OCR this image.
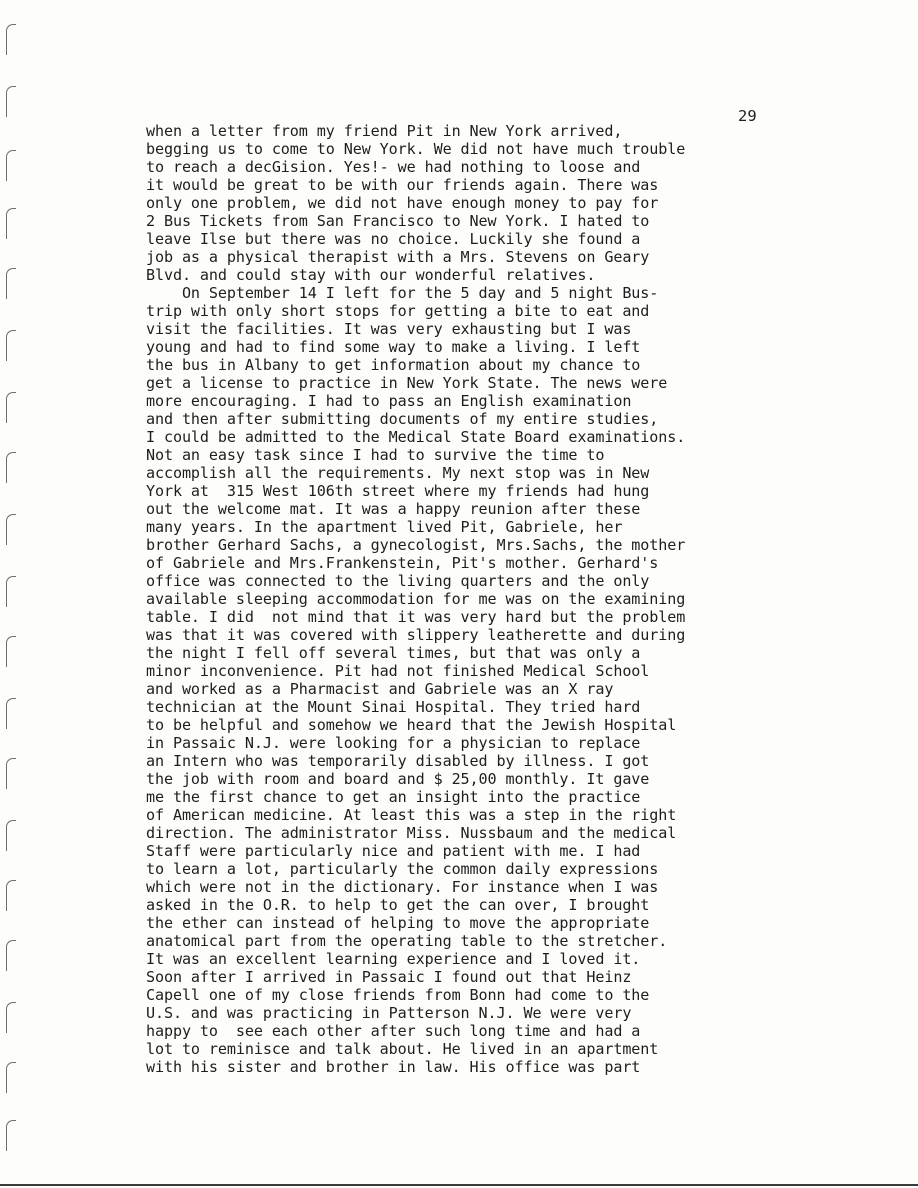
29
when a letter from my friend Pit in New York arrived,
begging us to come to New York. We did not have much trouble
to reach a decGision. Yes!- we had nothing to loose and
it would be great to be with our friends again. There was
only one problem, we did not have enough money to pay for
2 Bus Tickets from San Francisco to New York. I hated to
leave Ilse but there was no choice. Luckily she found a
job as a physical therapist with a Mrs. Stevens on Geary
Blvd. and could stay with our wonderful relatives.
On September 14 I left for the 5 day and 5 night Bus-
trip with only short stops for getting a bite to eat and
visit the facilities. It was very exhausting but I was
young and had to find some way to make a living. I left
the bus in Albany to get information about my chance to
get a license to practice in New York State. The news were
more encouraging. I had to pass an English examination
and then after submitting documents of my entire studies,
I could be admitted to the Medical State Board examinations.
Not an easy task since I had to survive the time to
accomplish all the requirements. My next stop was in New
York at  315 West 106th street where my friends had hung
out the welcome mat. It was a happy reunion after these
many years. In the apartment lived Pit, Gabriele, her
brother Gerhard Sachs, a gynecologist, Mrs.Sachs, the mother
of Gabriele and Mrs.Frankenstein, Pit's mother. Gerhard's
office was connected to the living quarters and the only
available sleeping accommodation for me was on the examining
table. I did  not mind that it was very hard but the problem
was that it was covered with slippery leatherette and during
the night I fell off several times, but that was only a
minor inconvenience. Pit had not finished Medical School
and worked as a Pharmacist and Gabriele was an X ray
technician at the Mount Sinai Hospital. They tried hard
to be helpful and somehow we heard that the Jewish Hospital
in Passaic N.J. were looking for a physician to replace
an Intern who was temporarily disabled by illness. I got
the job with room and board and $ 25,00 monthly. It gave
me the first chance to get an insight into the practice
of American medicine. At least this was a step in the right
direction. The administrator Miss. Nussbaum and the medical
Staff were particularly nice and patient with me. I had
to learn a lot, particularly the common daily expressions
which were not in the dictionary. For instance when I was
asked in the O.R. to help to get the can over, I brought
the ether can instead of helping to move the appropriate
anatomical part from the operating table to the stretcher.
It was an excellent learning experience and I loved it.
Soon after I arrived in Passaic I found out that Heinz
Capell one of my close friends from Bonn had come to the
U.S. and was practicing in Patterson N.J. We were very
happy to  see each other after such long time and had a
lot to reminisce and talk about. He lived in an apartment
with his sister and brother in law. His office was part
